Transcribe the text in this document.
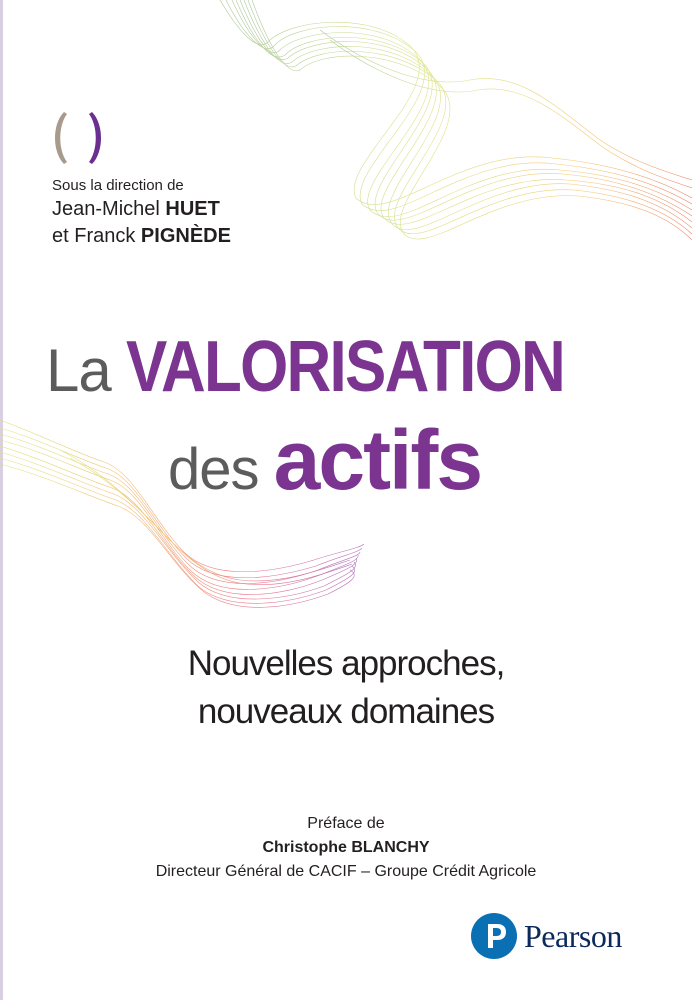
Sous la direction de
Jean-Michel HUET
et Franck PIGNÈDE
La VALORISATION
des actifs
Nouvelles approches,
nouveaux domaines
Préface de
Christophe BLANCHY
Directeur Général de CACIF – Groupe Crédit Agricole
Pearson
